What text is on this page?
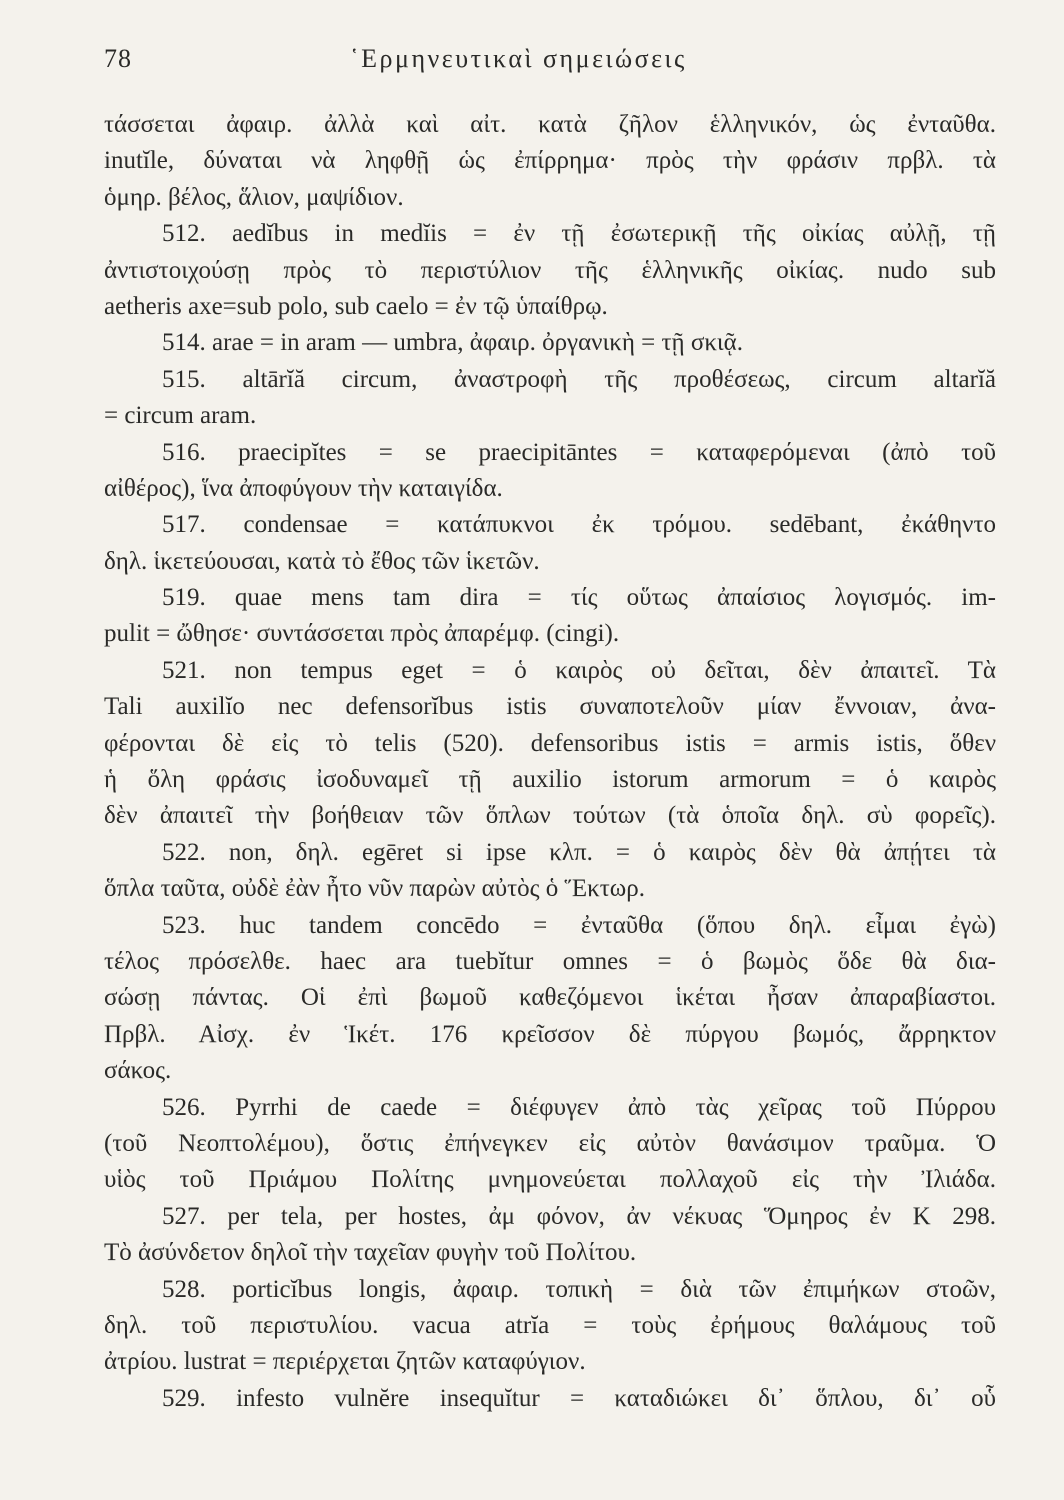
78	῾Ερμηνευτικαὶ σημειώσεις
τάσσεται ἀφαιρ. ἀλλὰ καὶ αἰτ. κατὰ ζῆλον ἑλληνικόν, ὡς ἐνταῦθα.
inutĭle, δύναται νὰ ληφθῇ ὡς ἐπίρρημα· πρὸς τὴν φράσιν πρβλ. τὰ
ὁμηρ. βέλος, ἅλιον, μαψίδιον.
512. aedĭbus in medĭis = ἐν τῇ ἐσωτερικῇ τῆς οἰκίας αὐλῇ, τῇ
ἀντιστοιχούσῃ πρὸς τὸ περιστύλιον τῆς ἑλληνικῆς οἰκίας. nudo sub
aetheris axe=sub polo, sub caelo = ἐν τῷ ὑπαίθρῳ.
514. arae = in aram — umbra, ἀφαιρ. ὀργανικὴ = τῇ σκιᾷ.
515. altārĭă circum, ἀναστροφὴ τῆς προθέσεως, circum altarĭă
= circum aram.
516. praecipĭtes = se praecipitāntes = καταφερόμεναι (ἀπὸ τοῦ
αἰθέρος), ἵνα ἀποφύγουν τὴν καταιγίδα.
517. condensae = κατάπυκνοι ἐκ τρόμου. sedēbant, ἐκάθηντο
δηλ. ἱκετεύουσαι, κατὰ τὸ ἔθος τῶν ἱκετῶν.
519. quae mens tam dira = τίς οὕτως ἀπαίσιος λογισμός. im-
pulit = ὤθησε· συντάσσεται πρὸς ἀπαρέμφ. (cingi).
521. non tempus eget = ὁ καιρὸς οὐ δεῖται, δὲν ἀπαιτεῖ. Τὰ
Tali auxilĭo nec defensorĭbus istis συναποτελοῦν μίαν ἔννοιαν, ἀνα-
φέρονται δὲ εἰς τὸ telis (520). defensoribus istis = armis istis, ὅθεν
ἡ ὅλη φράσις ἰσοδυναμεῖ τῇ auxilio istorum armorum = ὁ καιρὸς
δὲν ἀπαιτεῖ τὴν βοήθειαν τῶν ὅπλων τούτων (τὰ ὁποῖα δηλ. σὺ φορεῖς).
522. non, δηλ. egēret si ipse κλπ. = ὁ καιρὸς δὲν θὰ ἀπῄτει τὰ
ὅπλα ταῦτα, οὐδὲ ἐὰν ἦτο νῦν παρὼν αὐτὸς ὁ Ἕκτωρ.
523. huc tandem concēdo = ἐνταῦθα (ὅπου δηλ. εἶμαι ἐγὼ)
τέλος πρόσελθε. haec ara tuebĭtur omnes = ὁ βωμὸς ὅδε θὰ δια-
σώσῃ πάντας. Οἱ ἐπὶ βωμοῦ καθεζόμενοι ἱκέται ἦσαν ἀπαραβίαστοι.
Πρβλ. Αἰσχ. ἐν Ἱκέτ. 176 κρεῖσσον δὲ πύργου βωμός, ἄρρηκτον
σάκος.
526. Pyrrhi de caede = διέφυγεν ἀπὸ τὰς χεῖρας τοῦ Πύρρου
(τοῦ Νεοπτολέμου), ὅστις ἐπήνεγκεν εἰς αὐτὸν θανάσιμον τραῦμα. Ὁ
υἱὸς τοῦ Πριάμου Πολίτης μνημονεύεται πολλαχοῦ εἰς τὴν Ἰλιάδα.
527. per tela, per hostes, ἀμ φόνον, ἀν νέκυας Ὅμηρος ἐν Κ 298.
Τὸ ἀσύνδετον δηλοῖ τὴν ταχεῖαν φυγὴν τοῦ Πολίτου.
528. porticĭbus longis, ἀφαιρ. τοπικὴ = διὰ τῶν ἐπιμήκων στοῶν,
δηλ. τοῦ περιστυλίου. vacua atrĭa = τοὺς ἐρήμους θαλάμους τοῦ
ἀτρίου. lustrat = περιέρχεται ζητῶν καταφύγιον.
529. infesto vulnĕre insequĭtur = καταδιώκει δι᾿ ὅπλου, δι᾿ οὗ
